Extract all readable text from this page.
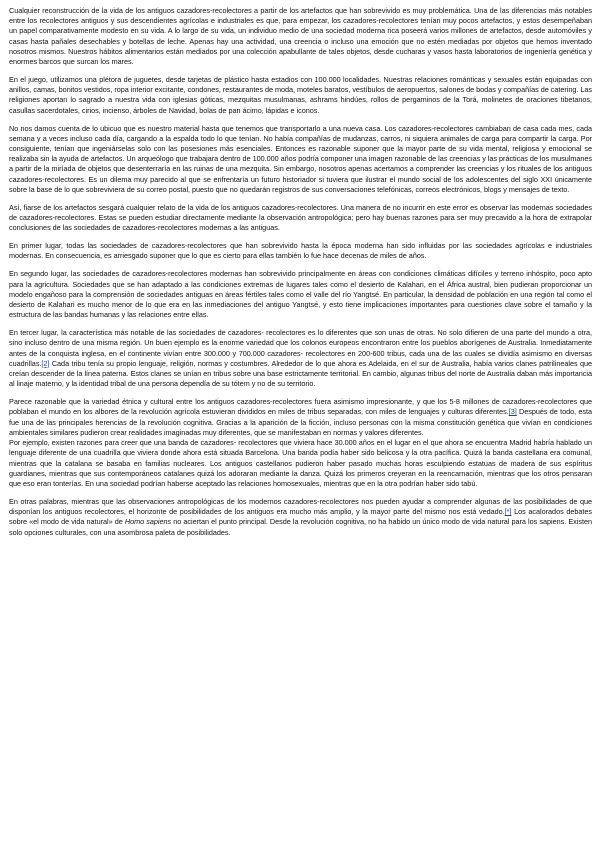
Cualquier reconstrucción de la vida de los antiguos cazadores-recolectores a partir de los artefactos que han sobrevivido es muy problemática. Una de las diferencias más notables entre los recolectores antiguos y sus descendientes agrícolas e industriales es que, para empezar, los cazadores-recolectores tenían muy pocos artefactos, y estos desempeñaban un papel comparativamente modesto en su vida. A lo largo de su vida, un individuo medio de una sociedad moderna rica poseerá varios millones de artefactos, desde automóviles y casas hasta pañales desechables y botellas de leche. Apenas hay una actividad, una creencia o incluso una emoción que no estén mediadas por objetos que hemos inventado nosotros mismos. Nuestros hábitos alimentarios están mediados por una colección apabullante de tales objetos, desde cucharas y vasos hasta laboratorios de ingeniería genética y enormes barcos que surcan los mares.

En el juego, utilizamos una plétora de juguetes, desde tarjetas de plástico hasta estadios con 100.000 localidades. Nuestras relaciones románticas y sexuales están equipadas con anillos, camas, bonitos vestidos, ropa interior excitante, condones, restaurantes de moda, moteles baratos, vestíbulos de aeropuertos, salones de bodas y compañías de catering. Las religiones aportan lo sagrado a nuestra vida con iglesias góticas, mezquitas musulmanas, ashrams hindúes, rollos de pergaminos de la Torá, molinetes de oraciones tibetanos, casullas sacerdotales, cirios, incienso, árboles de Navidad, bolas de pan ácimo, lápidas e iconos.

No nos damos cuenta de lo ubicuo que es nuestro material hasta que tenemos que transportarlo a una nueva casa. Los cazadores-recolectores cambiaban de casa cada mes, cada semana y a veces incluso cada día, cargando a la espalda todo lo que tenían. No había compañías de mudanzas, carros, ni siquiera animales de carga para compartir la carga. Por consiguiente, tenían que ingeniárselas solo con las posesiones más esenciales. Entonces es razonable suponer que la mayor parte de su vida mental, religiosa y emocional se realizaba sin la ayuda de artefactos. Un arqueólogo que trabajara dentro de 100.000 años podría componer una imagen razonable de las creencias y las prácticas de los musulmanes a partir de la miríada de objetos que desenterraría en las ruinas de una mezquita. Sin embargo, nosotros apenas acertamos a comprender las creencias y los rituales de los antiguos cazadores-recolectores. Es un dilema muy parecido al que se enfrentaría un futuro historiador si tuviera que ilustrar el mundo social de los adolescentes del siglo XXI únicamente sobre la base de lo que sobreviviera de su correo postal, puesto que no quedarán registros de sus conversaciones telefónicas, correos electrónicos, blogs y mensajes de texto.

Así, fiarse de los artefactos sesgará cualquier relato de la vida de los antiguos cazadores-recolectores. Una manera de no incurrir en este error es observar las modernas sociedades de cazadores-recolectores. Estas se pueden estudiar directamente mediante la observación antropológica; pero hay buenas razones para ser muy precavido a la hora de extrapolar conclusiones de las sociedades de cazadores-recolectores modernas a las antiguas.

En primer lugar, todas las sociedades de cazadores-recolectores que han sobrevivido hasta la época moderna han sido influidas por las sociedades agrícolas e industriales modernas. En consecuencia, es arriesgado suponer que lo que es cierto para ellas también lo fue hace decenas de miles de años.

En segundo lugar, las sociedades de cazadores-recolectores modernas han sobrevivido principalmente en áreas con condiciones climáticas difíciles y terreno inhóspito, poco apto para la agricultura. Sociedades que se han adaptado a las condiciones extremas de lugares tales como el desierto de Kalahari, en el África austral, bien pudieran proporcionar un modelo engañoso para la comprensión de sociedades antiguas en áreas fértiles tales como el valle del río Yangtsé. En particular, la densidad de población en una región tal como el desierto de Kalahari es mucho menor de lo que era en las inmediaciones del antiguo Yangtsé, y esto tiene implicaciones importantes para cuestiones clave sobre el tamaño y la estructura de las bandas humanas y las relaciones entre ellas.

En tercer lugar, la característica más notable de las sociedades de cazadores- recolectores es lo diferentes que son unas de otras. No solo difieren de una parte del mundo a otra, sino incluso dentro de una misma región. Un buen ejemplo es la enorme variedad que los colonos europeos encontraron entre los pueblos aborígenes de Australia. Inmediatamente antes de la conquista inglesa, en el continente vivían entre 300.000 y 700.000 cazadores- recolectores en 200-600 tribus, cada una de las cuales se dividía asimismo en diversas cuadrillas.[2] Cada tribu tenía su propio lenguaje, religión, normas y costumbres. Alrededor de lo que ahora es Adelaida, en el sur de Australia, había varios clanes patrilineales que creían descender de la línea paterna. Estos clanes se unían en tribus sobre una base estrictamente territorial. En cambio, algunas tribus del norte de Australia daban más importancia al linaje materno, y la identidad tribal de una persona dependía de su tótem y no de su territorio.

Parece razonable que la variedad étnica y cultural entre los antiguos cazadores-recolectores fuera asimismo impresionante, y que los 5-8 millones de cazadores-recolectores que poblaban el mundo en los albores de la revolución agrícola estuvieran divididos en miles de tribus separadas, con miles de lenguajes y culturas diferentes.[3] Después de todo, esta fue una de las principales herencias de la revolución cognitiva. Gracias a la aparición de la ficción, incluso personas con la misma constitución genética que vivían en condiciones ambientales similares pudieron crear realidades imaginadas muy diferentes, que se manifestaban en normas y valores diferentes.
Por ejemplo, existen razones para creer que una banda de cazadores- recolectores que viviera hace 30.000 años en el lugar en el que ahora se encuentra Madrid habría hablado un lenguaje diferente de una cuadrilla que viviera donde ahora está situada Barcelona. Una banda podía haber sido belicosa y la otra pacífica. Quizá la banda castellana era comunal, mientras que la catalana se basaba en familias nucleares. Los antiguos castellanos pudieron haber pasado muchas horas esculpiendo estatuas de madera de sus espíritus guardianes, mientras que sus contemporáneos catalanes quizá los adoraran mediante la danza. Quizá los primeros creyeran en la reencarnación, mientras que los otros pensaran que eso eran tonterías. En una sociedad podrían haberse aceptado las relaciones homosexuales, mientras que en la otra podrían haber sido tabú.

En otras palabras, mientras que las observaciones antropológicas de los modernos cazadores-recolectores nos pueden ayudar a comprender algunas de las posibilidades de que disponían los antiguos recolectores, el horizonte de posibilidades de los antiguos era mucho más amplio, y la mayor parte del mismo nos está vedado.[*] Los acalorados debates sobre «el modo de vida natural» de Homo sapiens no aciertan el punto principal. Desde la revolución cognitiva, no ha habido un único modo de vida natural para los sapiens. Existen solo opciones culturales, con una asombrosa paleta de posibilidades.
